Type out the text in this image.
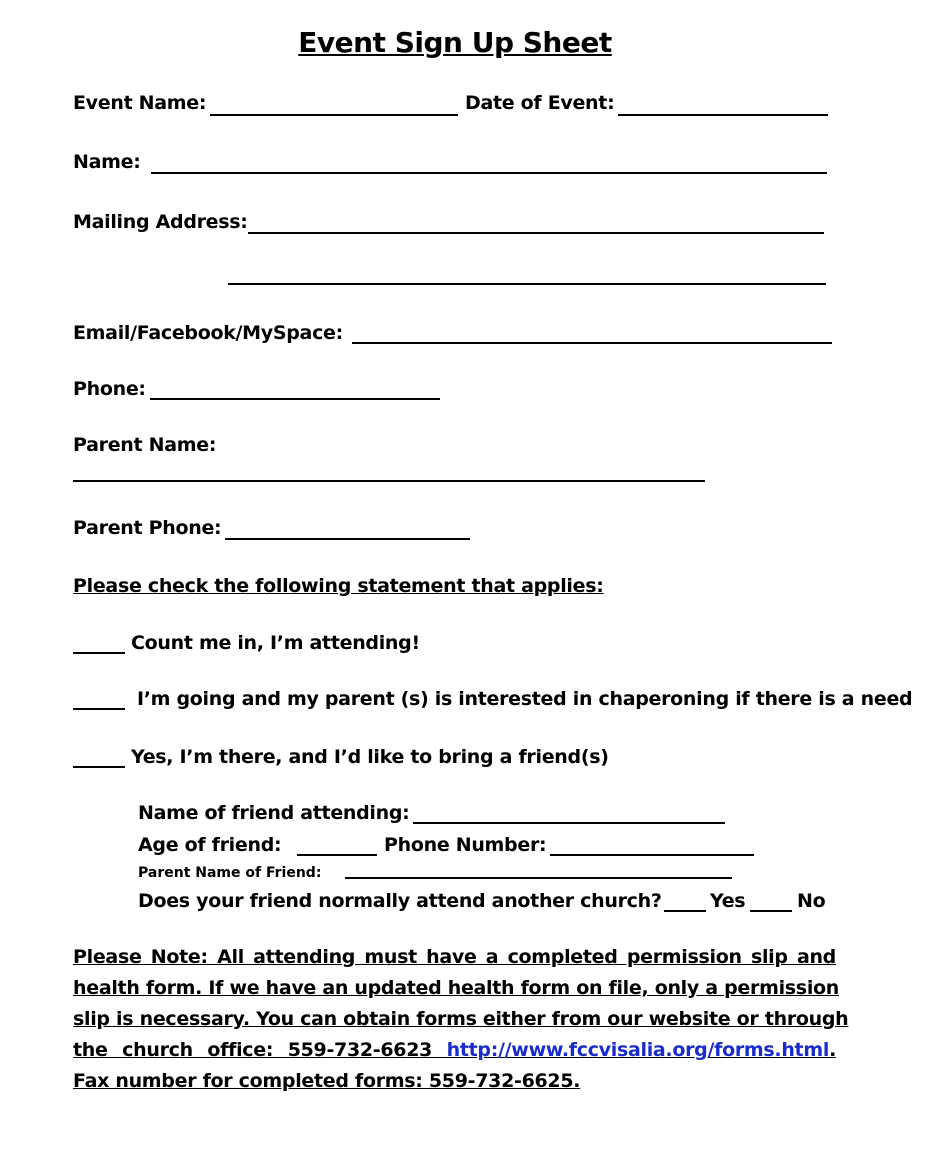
Event Sign Up Sheet
Event Name:	Date of Event:
Name:
Mailing Address:
Email/Facebook/MySpace:
Phone:
Parent Name:
Parent Phone:
Please check the following statement that applies:
Count me in, I’m attending!
I’m going and my parent (s) is interested in chaperoning if there is a need
Yes, I’m there, and I’d like to bring a friend(s)
Name of friend attending:
Age of friend:	Phone Number:
Parent Name of Friend:
Does your friend normally attend another church?	Yes	No
Please Note: All attending must have a completed permission slip and
health form. If we have an updated health form on file, only a permission
slip is necessary. You can obtain forms either from our website or through
the church office: 559-732-6623 http://www.fccvisalia.org/forms.html.
Fax number for completed forms: 559-732-6625.
